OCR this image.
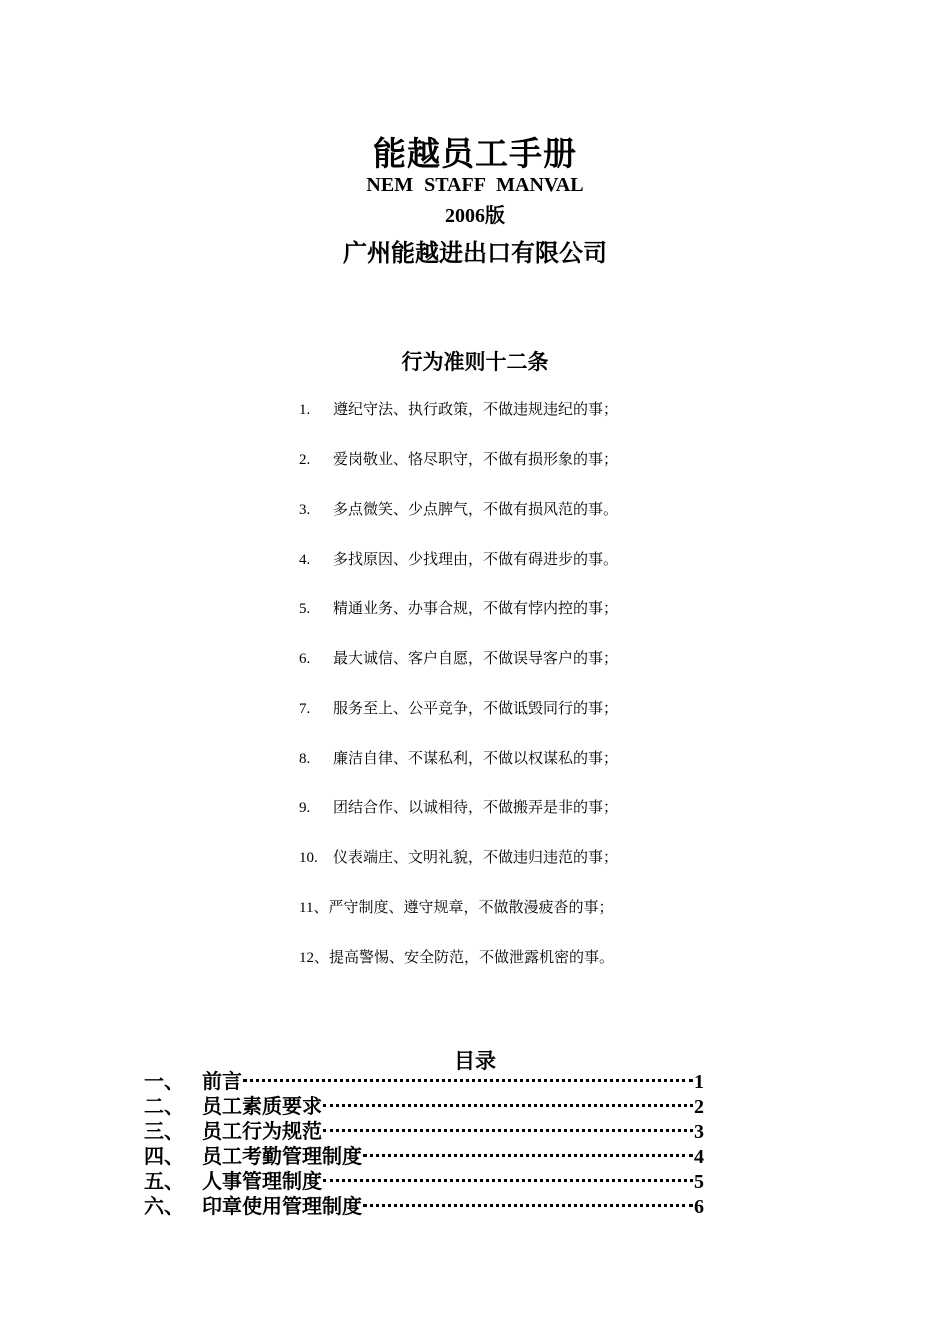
能越员工手册
NEM STAFF MANVAL
2006版
广州能越进出口有限公司
行为准则十二条
1. 遵纪守法、执行政策，不做违规违纪的事；
2. 爱岗敬业、恪尽职守，不做有损形象的事；
3. 多点微笑、少点脾气，不做有损风范的事。
4. 多找原因、少找理由，不做有碍进步的事。
5. 精通业务、办事合规，不做有悖内控的事；
6. 最大诚信、客户自愿，不做误导客户的事；
7. 服务至上、公平竞争，不做诋毁同行的事；
8. 廉洁自律、不谋私利，不做以权谋私的事；
9. 团结合作、以诚相待，不做搬弄是非的事；
10. 仪表端庄、文明礼貌，不做违归违范的事；
11、严守制度、遵守规章，不做散漫疲沓的事；
12、提高警惕、安全防范，不做泄露机密的事。
目录
一、 前言	1
二、 员工素质要求	2
三、 员工行为规范	3
四、 员工考勤管理制度	4
五、 人事管理制度	5
六、 印章使用管理制度	6
